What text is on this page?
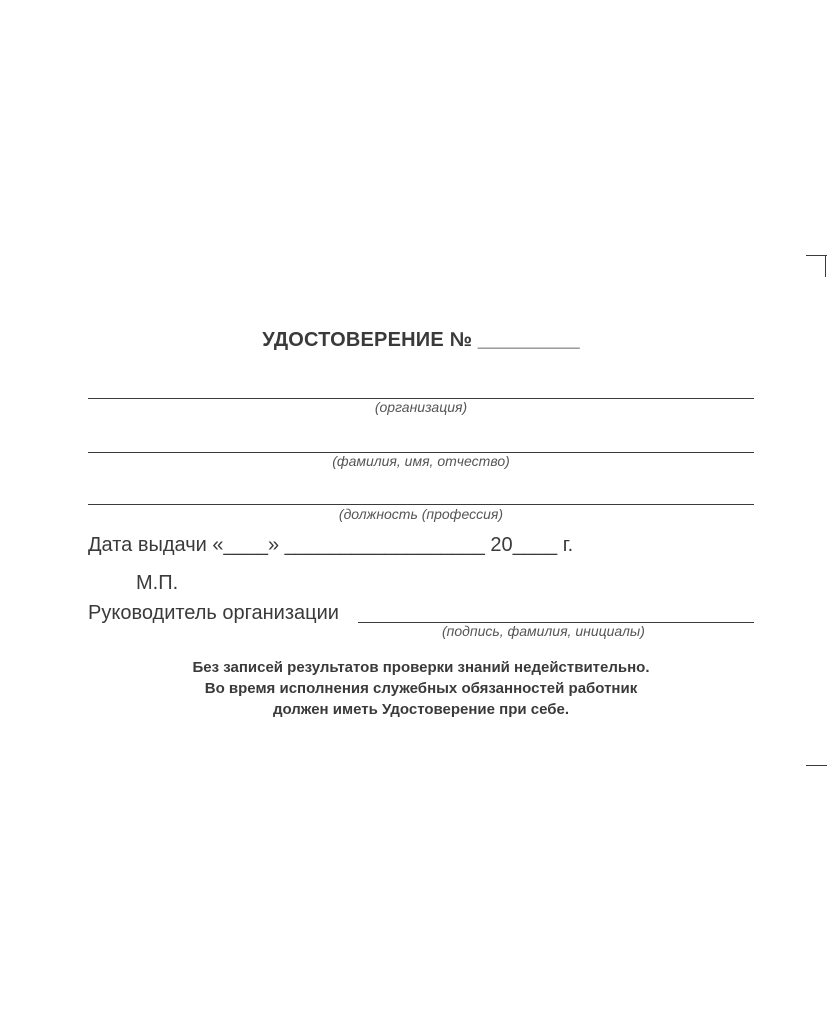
УДОСТОВЕРЕНИЕ № _________
(организация)
(фамилия, имя, отчество)
(должность (профессия)
Дата выдачи «____» __________________ 20____ г.
М.П.
Руководитель организации
(подпись, фамилия, инициалы)
Без записей результатов проверки знаний недействительно.
Во время исполнения служебных обязанностей работник
должен иметь Удостоверение при себе.
